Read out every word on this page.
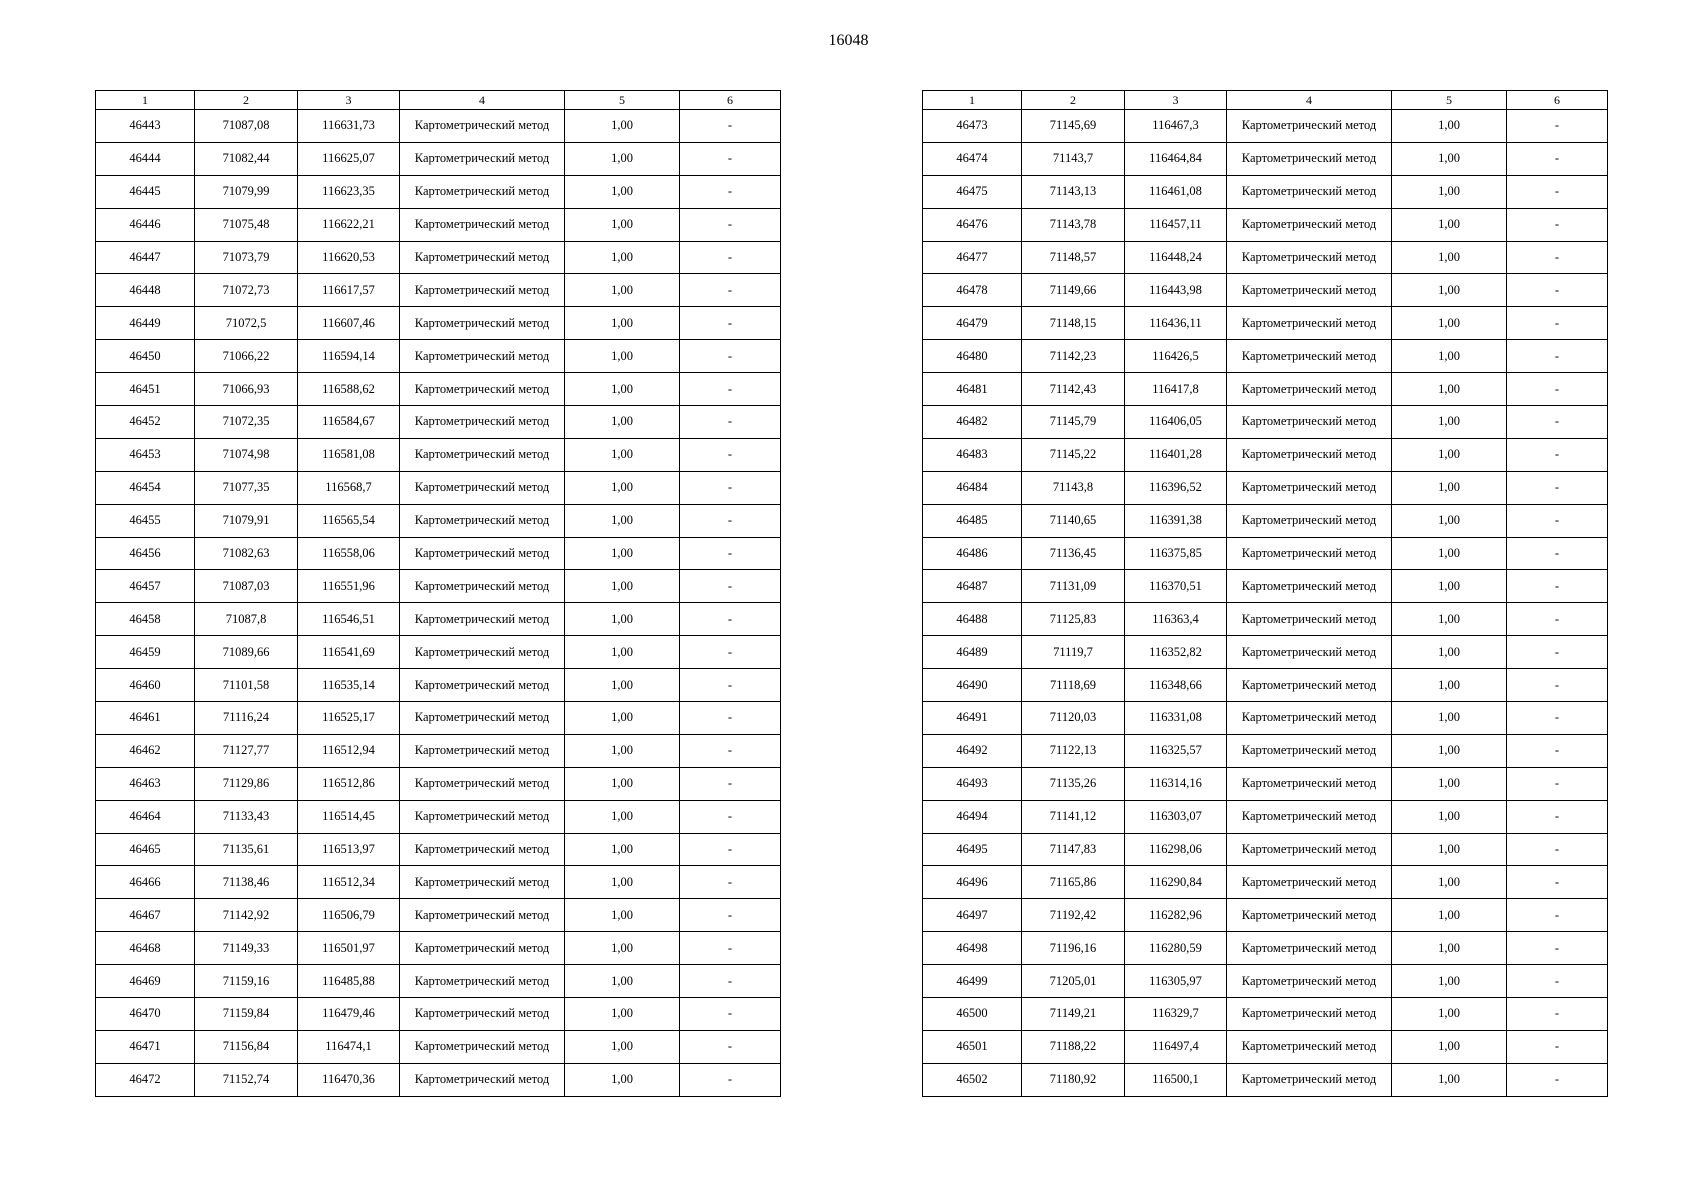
16048
1	2	3	4	5	6
46443	71087,08	116631,73	Картометрический метод	1,00	-
46444	71082,44	116625,07	Картометрический метод	1,00	-
46445	71079,99	116623,35	Картометрический метод	1,00	-
46446	71075,48	116622,21	Картометрический метод	1,00	-
46447	71073,79	116620,53	Картометрический метод	1,00	-
46448	71072,73	116617,57	Картометрический метод	1,00	-
46449	71072,5	116607,46	Картометрический метод	1,00	-
46450	71066,22	116594,14	Картометрический метод	1,00	-
46451	71066,93	116588,62	Картометрический метод	1,00	-
46452	71072,35	116584,67	Картометрический метод	1,00	-
46453	71074,98	116581,08	Картометрический метод	1,00	-
46454	71077,35	116568,7	Картометрический метод	1,00	-
46455	71079,91	116565,54	Картометрический метод	1,00	-
46456	71082,63	116558,06	Картометрический метод	1,00	-
46457	71087,03	116551,96	Картометрический метод	1,00	-
46458	71087,8	116546,51	Картометрический метод	1,00	-
46459	71089,66	116541,69	Картометрический метод	1,00	-
46460	71101,58	116535,14	Картометрический метод	1,00	-
46461	71116,24	116525,17	Картометрический метод	1,00	-
46462	71127,77	116512,94	Картометрический метод	1,00	-
46463	71129,86	116512,86	Картометрический метод	1,00	-
46464	71133,43	116514,45	Картометрический метод	1,00	-
46465	71135,61	116513,97	Картометрический метод	1,00	-
46466	71138,46	116512,34	Картометрический метод	1,00	-
46467	71142,92	116506,79	Картометрический метод	1,00	-
46468	71149,33	116501,97	Картометрический метод	1,00	-
46469	71159,16	116485,88	Картометрический метод	1,00	-
46470	71159,84	116479,46	Картометрический метод	1,00	-
46471	71156,84	116474,1	Картометрический метод	1,00	-
46472	71152,74	116470,36	Картометрический метод	1,00	-
1	2	3	4	5	6
46473	71145,69	116467,3	Картометрический метод	1,00	-
46474	71143,7	116464,84	Картометрический метод	1,00	-
46475	71143,13	116461,08	Картометрический метод	1,00	-
46476	71143,78	116457,11	Картометрический метод	1,00	-
46477	71148,57	116448,24	Картометрический метод	1,00	-
46478	71149,66	116443,98	Картометрический метод	1,00	-
46479	71148,15	116436,11	Картометрический метод	1,00	-
46480	71142,23	116426,5	Картометрический метод	1,00	-
46481	71142,43	116417,8	Картометрический метод	1,00	-
46482	71145,79	116406,05	Картометрический метод	1,00	-
46483	71145,22	116401,28	Картометрический метод	1,00	-
46484	71143,8	116396,52	Картометрический метод	1,00	-
46485	71140,65	116391,38	Картометрический метод	1,00	-
46486	71136,45	116375,85	Картометрический метод	1,00	-
46487	71131,09	116370,51	Картометрический метод	1,00	-
46488	71125,83	116363,4	Картометрический метод	1,00	-
46489	71119,7	116352,82	Картометрический метод	1,00	-
46490	71118,69	116348,66	Картометрический метод	1,00	-
46491	71120,03	116331,08	Картометрический метод	1,00	-
46492	71122,13	116325,57	Картометрический метод	1,00	-
46493	71135,26	116314,16	Картометрический метод	1,00	-
46494	71141,12	116303,07	Картометрический метод	1,00	-
46495	71147,83	116298,06	Картометрический метод	1,00	-
46496	71165,86	116290,84	Картометрический метод	1,00	-
46497	71192,42	116282,96	Картометрический метод	1,00	-
46498	71196,16	116280,59	Картометрический метод	1,00	-
46499	71205,01	116305,97	Картометрический метод	1,00	-
46500	71149,21	116329,7	Картометрический метод	1,00	-
46501	71188,22	116497,4	Картометрический метод	1,00	-
46502	71180,92	116500,1	Картометрический метод	1,00	-
